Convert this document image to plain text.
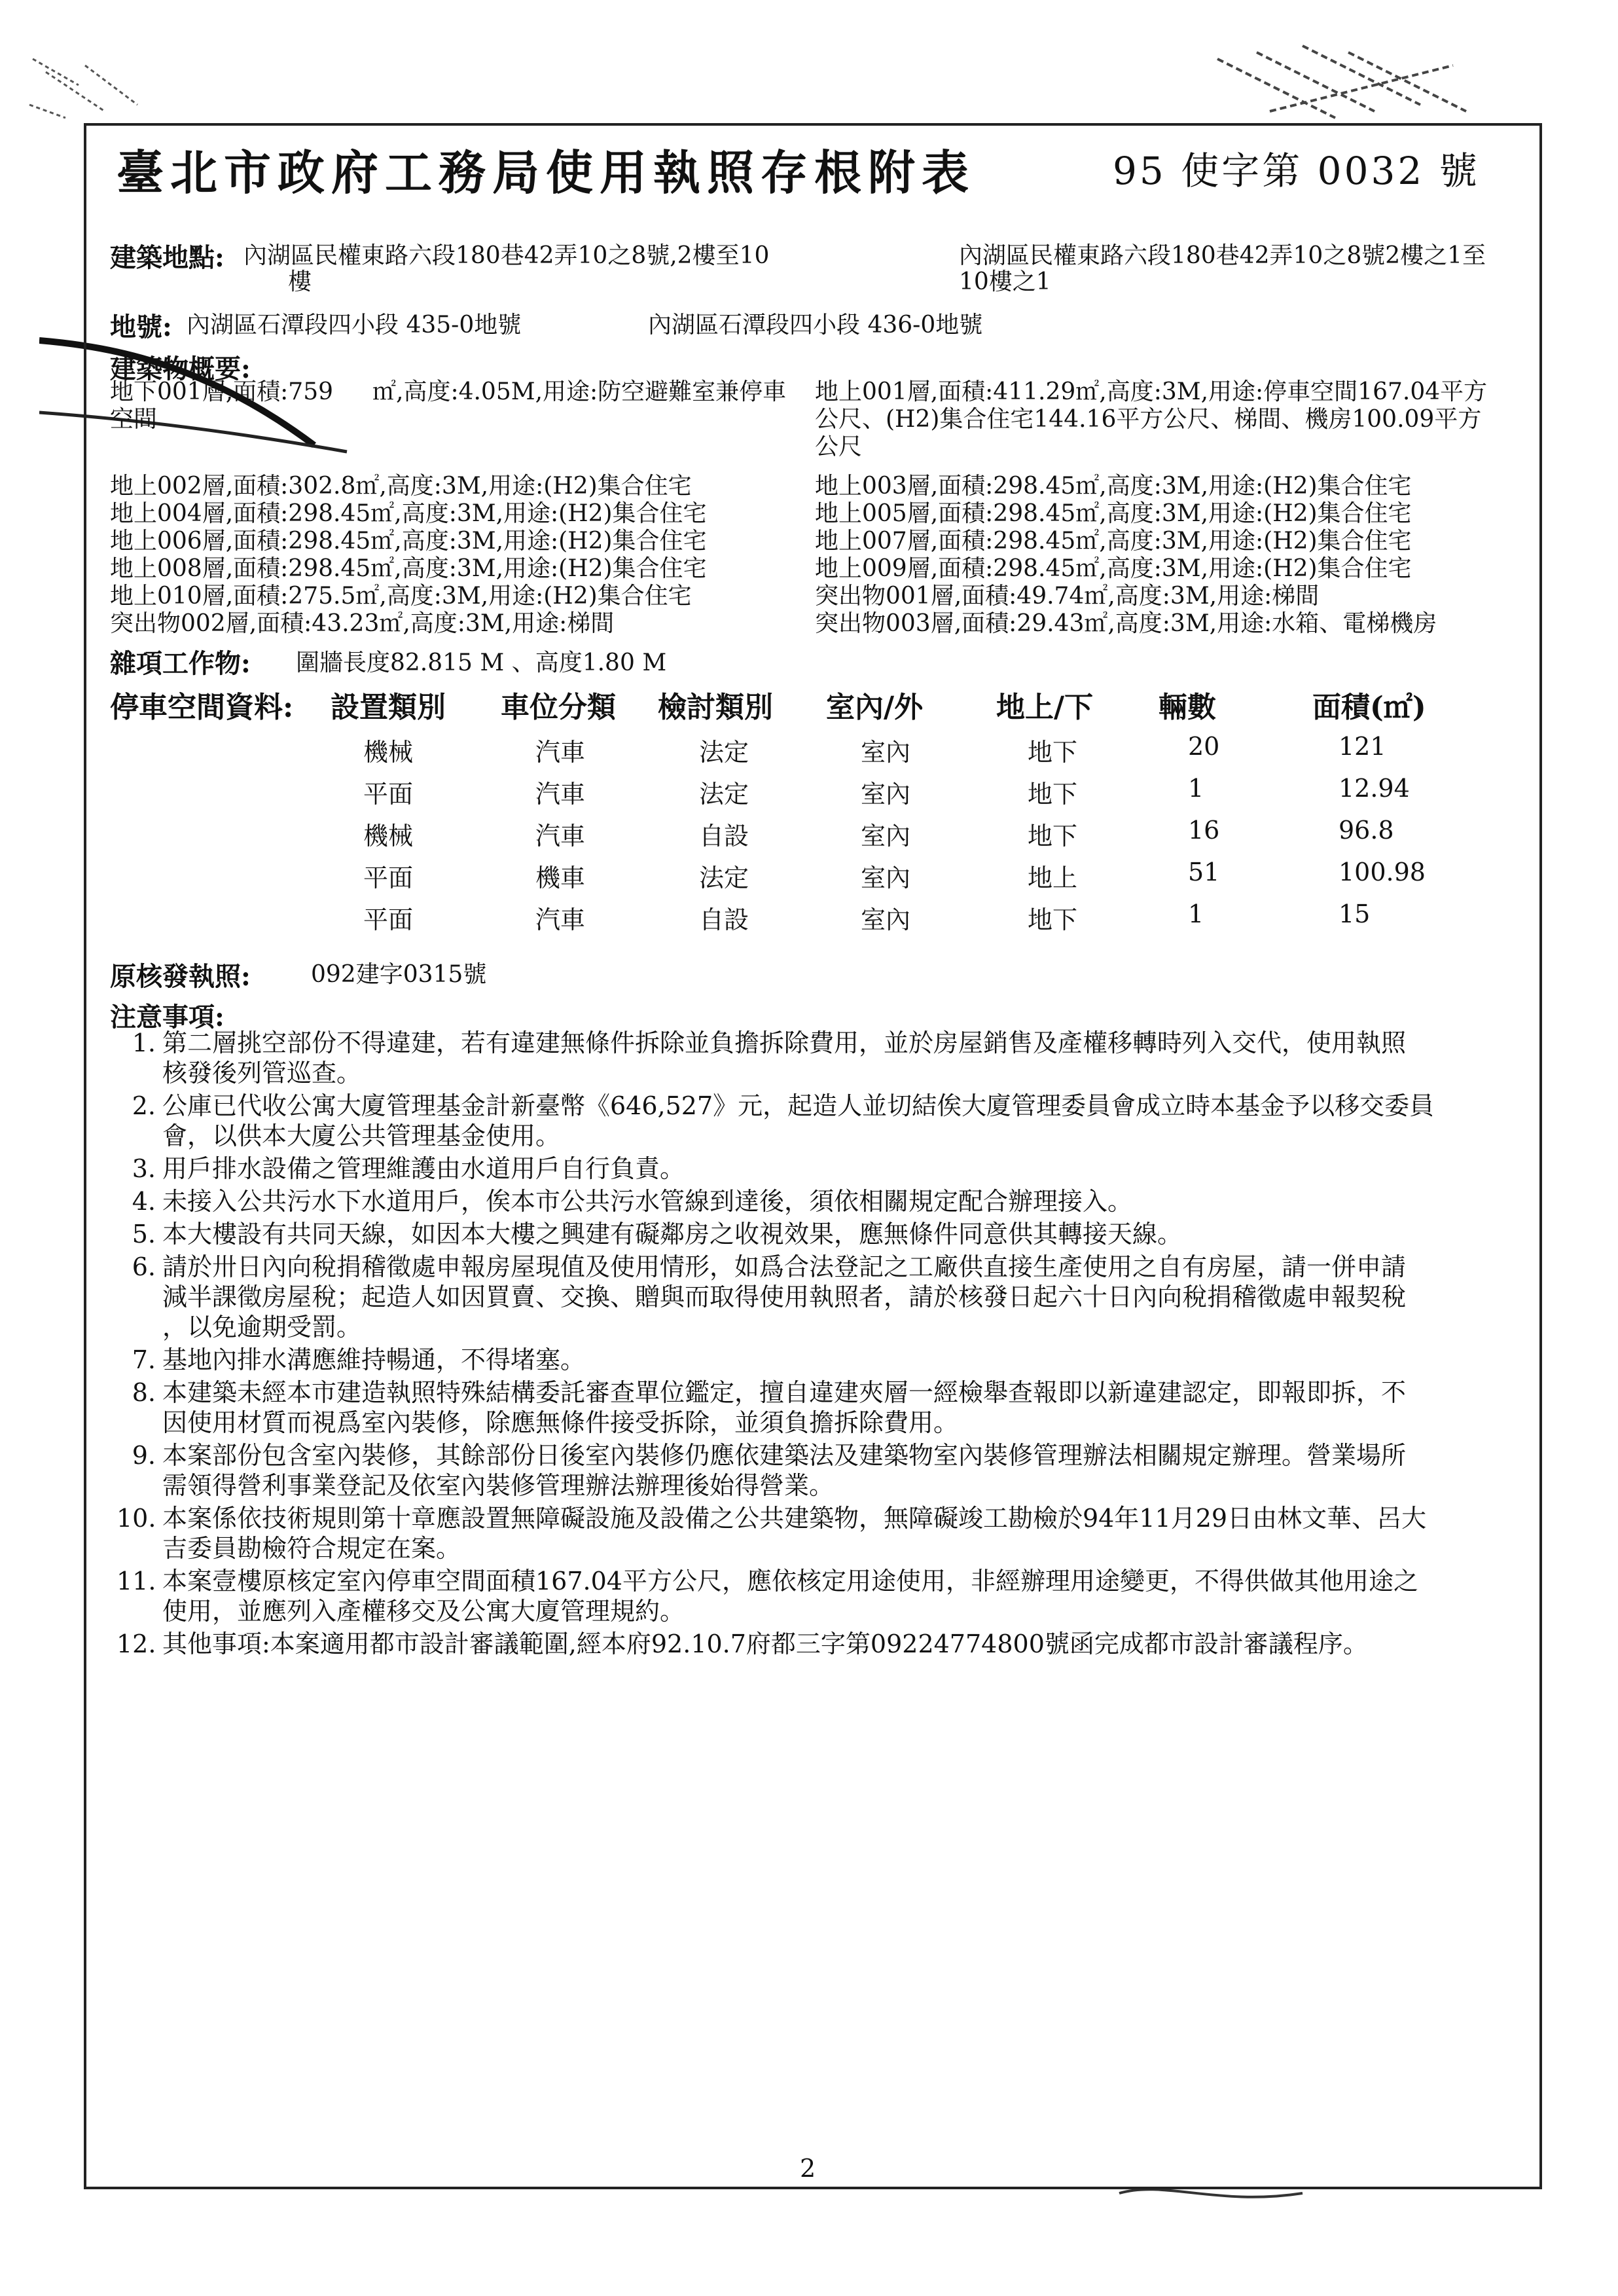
臺北市政府工務局使用執照存根附表	95 使字第 0032 號
建築地點: 內湖區民權東路六段180巷42弄10之8號,2樓至10
樓
內湖區民權東路六段180巷42弄10之8號2樓之1至
10樓之1
地號: 內湖區石潭段四小段 435-0地號	內湖區石潭段四小段 436-0地號
建築物概要:
地下001層,面積:759 ㎡,高度:4.05M,用途:防空避難室兼停車
空間
地上001層,面積:411.29㎡,高度:3M,用途:停車空間167.04平方
公尺、(H2)集合住宅144.16平方公尺、梯間、機房100.09平方
公尺
地上002層,面積:302.8㎡,高度:3M,用途:(H2)集合住宅
地上004層,面積:298.45㎡,高度:3M,用途:(H2)集合住宅
地上006層,面積:298.45㎡,高度:3M,用途:(H2)集合住宅
地上008層,面積:298.45㎡,高度:3M,用途:(H2)集合住宅
地上010層,面積:275.5㎡,高度:3M,用途:(H2)集合住宅
突出物002層,面積:43.23㎡,高度:3M,用途:梯間
地上003層,面積:298.45㎡,高度:3M,用途:(H2)集合住宅
地上005層,面積:298.45㎡,高度:3M,用途:(H2)集合住宅
地上007層,面積:298.45㎡,高度:3M,用途:(H2)集合住宅
地上009層,面積:298.45㎡,高度:3M,用途:(H2)集合住宅
突出物001層,面積:49.74㎡,高度:3M,用途:梯間
突出物003層,面積:29.43㎡,高度:3M,用途:水箱、電梯機房
雜項工作物: 圍牆長度82.815 M 、高度1.80 M
停車空間資料: 設置類別 車位分類 檢討類別 室內/外	地上/下 輛數	面積(㎡)
機械	汽車	法定	室內	地下	20	121
平面	汽車	法定	室內	地下	1	12.94
機械	汽車	自設	室內	地下	16	96.8
平面	機車	法定	室內	地上	51	100.98
平面	汽車	自設	室內	地下	1	15
原核發執照:	092建字0315號
注意事項:
1. 第二層挑空部份不得違建，若有違建無條件拆除並負擔拆除費用，並於房屋銷售及產權移轉時列入交代，使用執照
核發後列管巡查。
2. 公庫已代收公寓大廈管理基金計新臺幣《646,527》元，起造人並切結俟大廈管理委員會成立時本基金予以移交委員
會，以供本大廈公共管理基金使用。
3. 用戶排水設備之管理維護由水道用戶自行負責。
4. 未接入公共污水下水道用戶，俟本市公共污水管線到達後，須依相關規定配合辦理接入。
5. 本大樓設有共同天線，如因本大樓之興建有礙鄰房之收視效果，應無條件同意供其轉接天線。
6. 請於卅日內向稅捐稽徵處申報房屋現值及使用情形，如爲合法登記之工廠供直接生產使用之自有房屋，請一併申請
減半課徵房屋稅；起造人如因買賣、交換、贈與而取得使用執照者，請於核發日起六十日內向稅捐稽徵處申報契稅
，以免逾期受罰。
7. 基地內排水溝應維持暢通，不得堵塞。
8. 本建築未經本市建造執照特殊結構委託審查單位鑑定，擅自違建夾層一經檢舉查報即以新違建認定，即報即拆，不
因使用材質而視爲室內裝修，除應無條件接受拆除，並須負擔拆除費用。
9. 本案部份包含室內裝修，其餘部份日後室內裝修仍應依建築法及建築物室內裝修管理辦法相關規定辦理。營業場所
需領得營利事業登記及依室內裝修管理辦法辦理後始得營業。
10. 本案係依技術規則第十章應設置無障礙設施及設備之公共建築物，無障礙竣工勘檢於94年11月29日由林文華、呂大
吉委員勘檢符合規定在案。
11. 本案壹樓原核定室內停車空間面積167.04平方公尺，應依核定用途使用，非經辦理用途變更，不得供做其他用途之
使用，並應列入產權移交及公寓大廈管理規約。
12. 其他事項:本案適用都市設計審議範圍,經本府92.10.7府都三字第09224774800號函完成都市設計審議程序。
2
